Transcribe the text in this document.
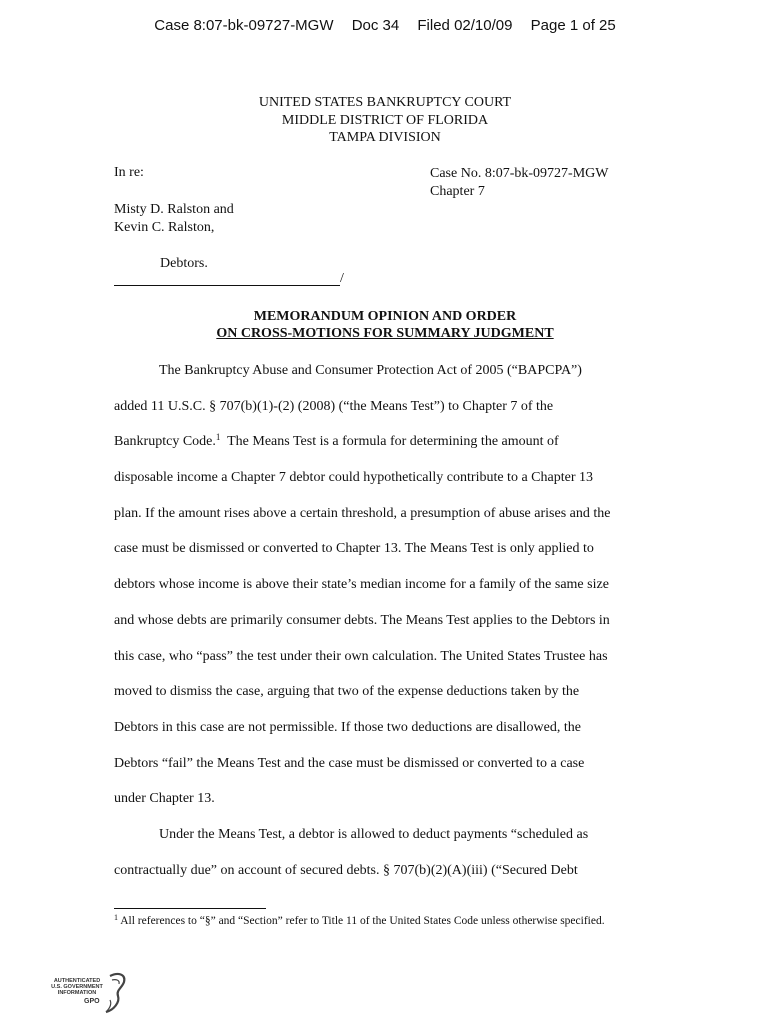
Case 8:07-bk-09727-MGW Doc 34 Filed 02/10/09 Page 1 of 25
UNITED STATES BANKRUPTCY COURT
MIDDLE DISTRICT OF FLORIDA
TAMPA DIVISION
In re:	Case No. 8:07-bk-09727-MGW
Chapter 7
Misty D. Ralston and
Kevin C. Ralston,
Debtors.
/
MEMORANDUM OPINION AND ORDER
ON CROSS-MOTIONS FOR SUMMARY JUDGMENT
The Bankruptcy Abuse and Consumer Protection Act of 2005 (“BAPCPA”)
added 11 U.S.C. § 707(b)(1)-(2) (2008) (“the Means Test”) to Chapter 7 of the
Bankruptcy Code.$^1$  The Means Test is a formula for determining the amount of
disposable income a Chapter 7 debtor could hypothetically contribute to a Chapter 13
plan. If the amount rises above a certain threshold, a presumption of abuse arises and the
case must be dismissed or converted to Chapter 13. The Means Test is only applied to
debtors whose income is above their state’s median income for a family of the same size
and whose debts are primarily consumer debts. The Means Test applies to the Debtors in
this case, who “pass” the test under their own calculation. The United States Trustee has
moved to dismiss the case, arguing that two of the expense deductions taken by the
Debtors in this case are not permissible. If those two deductions are disallowed, the
Debtors “fail” the Means Test and the case must be dismissed or converted to a case
under Chapter 13.
Under the Means Test, a debtor is allowed to deduct payments “scheduled as
contractually due” on account of secured debts. § 707(b)(2)(A)(iii) (“Secured Debt
$^1$ All references to “§” and “Section” refer to Title 11 of the United States Code unless otherwise specified.
AUTHENTICATED
U.S. GOVERNMENT
INFORMATION
GPO
